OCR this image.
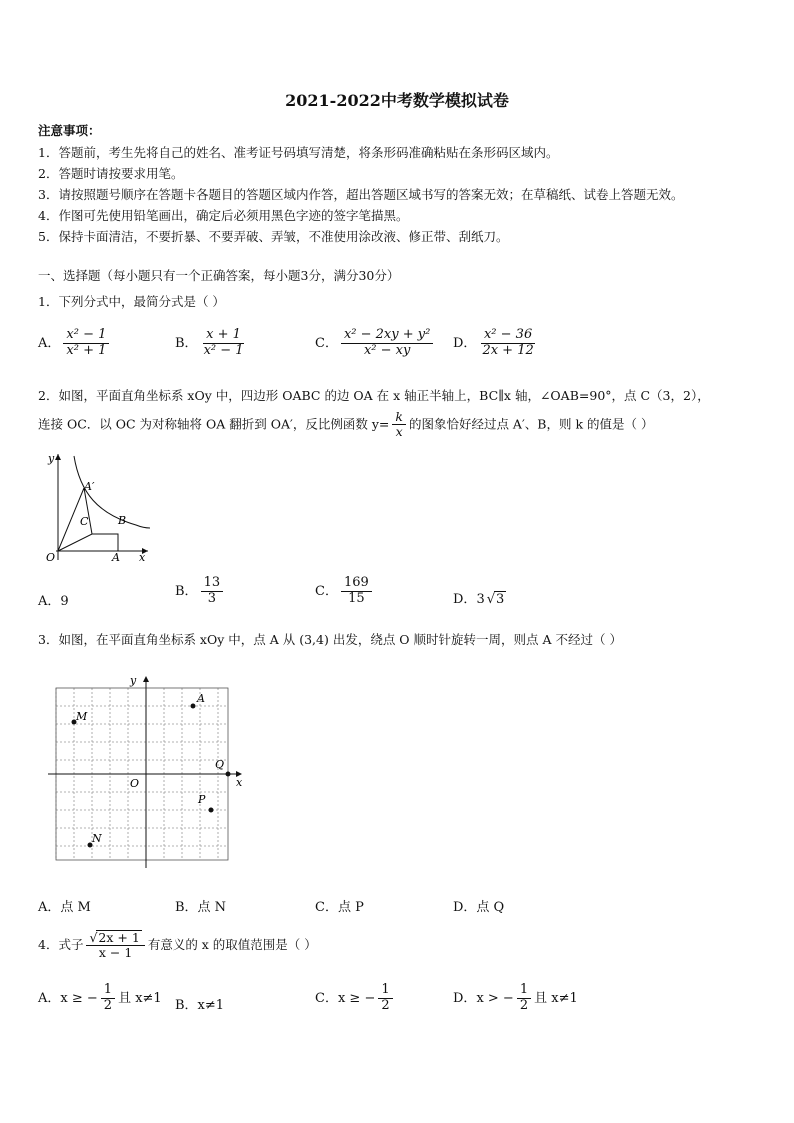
2021-2022中考数学模拟试卷
注意事项：
1．答题前，考生先将自己的姓名、准考证号码填写清楚，将条形码准确粘贴在条形码区域内。
2．答题时请按要求用笔。
3．请按照题号顺序在答题卡各题目的答题区域内作答，超出答题区域书写的答案无效；在草稿纸、试卷上答题无效。
4．作图可先使用铅笔画出，确定后必须用黑色字迹的签字笔描黑。
5．保持卡面清洁，不要折暴、不要弄破、弄皱，不准使用涂改液、修正带、刮纸刀。
一、选择题（每小题只有一个正确答案，每小题3分，满分30分）
1．下列分式中，最简分式是（ ）
A． $\frac{\text{x² − 1}}{\text{x² + 1}}$	B． $\frac{x + 1}{\text{x² − 1}}$	C． $\frac{\text{x² − 2xy + y²}}{\text{x² − xy}}$ D． $\frac{\text{x² − 36}}{2x + 12}$
2．如图，平面直角坐标系 xOy 中，四边形 OABC 的边 OA 在 x 轴正半轴上，BC∥x 轴，∠OAB=90°，点 C（3，2），
连接 OC．以 OC 为对称轴将 OA 翻折到 OA′，反比例函数 $y= \frac{k}{x}$ 的图象恰好经过点 A′、B，则 k 的值是（ ）
y
x
O	A
B
C
A′
A．9
B． $\frac{13}{3}$	C． $\frac{169}{15}$	D．3 √3
3．如图，在平面直角坐标系 xOy 中，点 A 从 (3,4) 出发，绕点 O 顺时针旋转一周，则点 A 不经过（ ）
y
x
O
A
M
Q
P
N
A．点 M	B．点 N	C．点 P	D．点 Q
4．式子 $\frac{√2x + 1}{x - 1}$ 有意义的 x 的取值范围是（ ）
A．x ≥ − $\frac{1}{2}$ 且 x≠1 B．x≠1	C．x ≥ − $\frac{1}{2}$	D．x > − $\frac{1}{2}$ 且 x≠1
